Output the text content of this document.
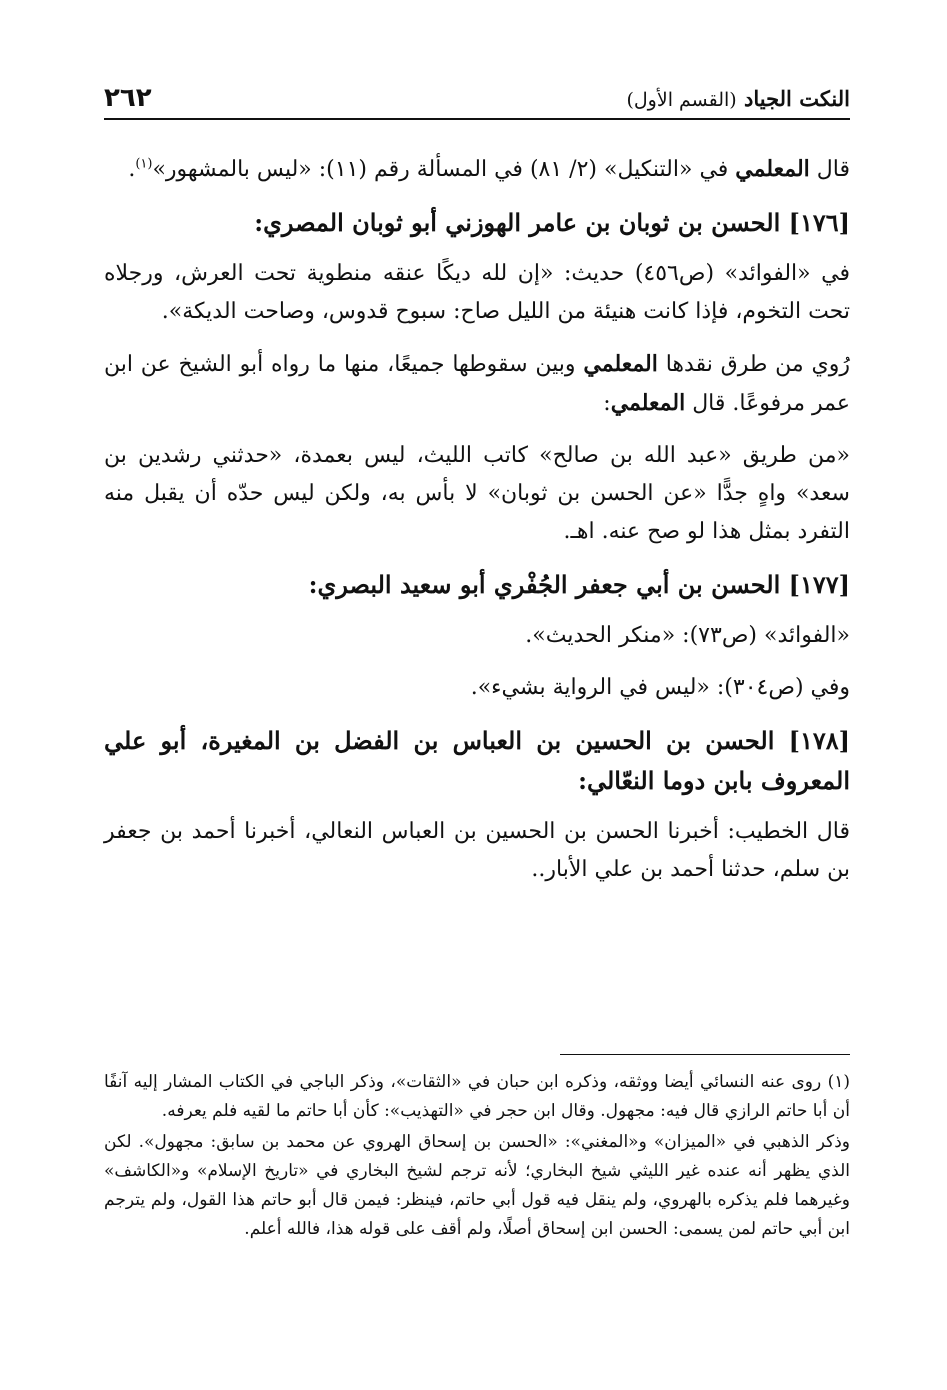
النكت الجياد (القسم الأول)
٢٦٢

قال المعلمي في «التنكيل» (٢/ ٨١) في المسألة رقم (١١): «ليس بالمشهور»$^{(١)}$.

[١٧٦] الحسن بن ثوبان بن عامر الهوزني أبو ثوبان المصري:

في «الفوائد» (ص٤٥٦) حديث: «إن لله ديكًا عنقه منطوية تحت العرش، ورجلاه تحت التخوم، فإذا كانت هنيئة من الليل صاح: سبوح قدوس، وصاحت الديكة».

رُوي من طرق نقدها المعلمي وبين سقوطها جميعًا، منها ما رواه أبو الشيخ عن ابن عمر مرفوعًا. قال المعلمي:

«من طريق «عبد الله بن صالح» كاتب الليث، ليس بعمدة، «حدثني رشدين بن سعد» واهٍ جدًّا «عن الحسن بن ثوبان» لا بأس به، ولكن ليس حدّه أن يقبل منه التفرد بمثل هذا لو صح عنه. اهـ.

[١٧٧] الحسن بن أبي جعفر الجُفْري أبو سعيد البصري:

«الفوائد» (ص٧٣): «منكر الحديث».

وفي (ص٣٠٤): «ليس في الرواية بشيء».

[١٧٨] الحسن بن الحسين بن العباس بن الفضل بن المغيرة، أبو علي المعروف بابن دوما النعّالي:

قال الخطيب: أخبرنا الحسن بن الحسين بن العباس النعالي، أخبرنا أحمد بن جعفر بن سلم، حدثنا أحمد بن علي الأبار..

(١) روى عنه النسائي أيضا ووثقه، وذكره ابن حبان في «الثقات»، وذكر الباجي في الكتاب المشار إليه آنفًا أن أبا حاتم الرازي قال فيه: مجهول. وقال ابن حجر في «التهذيب»: كأن أبا حاتم ما لقيه فلم يعرفه.

وذكر الذهبي في «الميزان» و«المغني»: «الحسن بن إسحاق الهروي عن محمد بن سابق: مجهول». لكن الذي يظهر أنه عنده غير الليثي شيخ البخاري؛ لأنه ترجم لشيخ البخاري في «تاريخ الإسلام» و«الكاشف» وغيرهما فلم يذكره بالهروي، ولم ينقل فيه قول أبي حاتم، فينظر: فيمن قال أبو حاتم هذا القول، ولم يترجم ابن أبي حاتم لمن يسمى: الحسن ابن إسحاق أصلًا، ولم أقف على قوله هذا، فالله أعلم.
